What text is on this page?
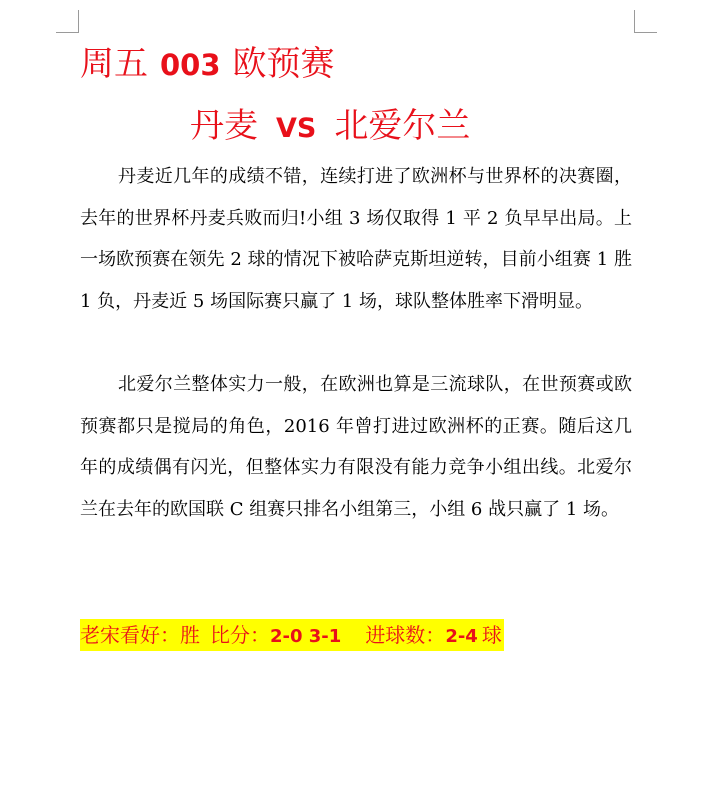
周五 003 欧预赛
丹麦 VS 北爱尔兰

丹麦近几年的成绩不错，连续打进了欧洲杯与世界杯的决赛圈，去年的世界杯丹麦兵败而归!小组 3 场仅取得 1 平 2 负早早出局。上一场欧预赛在领先 2 球的情况下被哈萨克斯坦逆转，目前小组赛 1 胜 1 负，丹麦近 5 场国际赛只赢了 1 场，球队整体胜率下滑明显。

北爱尔兰整体实力一般，在欧洲也算是三流球队，在世预赛或欧预赛都只是搅局的角色，2016 年曾打进过欧洲杯的正赛。随后这几年的成绩偶有闪光，但整体实力有限没有能力竞争小组出线。北爱尔兰在去年的欧国联 C 组赛只排名小组第三，小组 6 战只赢了 1 场。

老宋看好：胜 比分：2-0 3-1 进球数：2-4  球
